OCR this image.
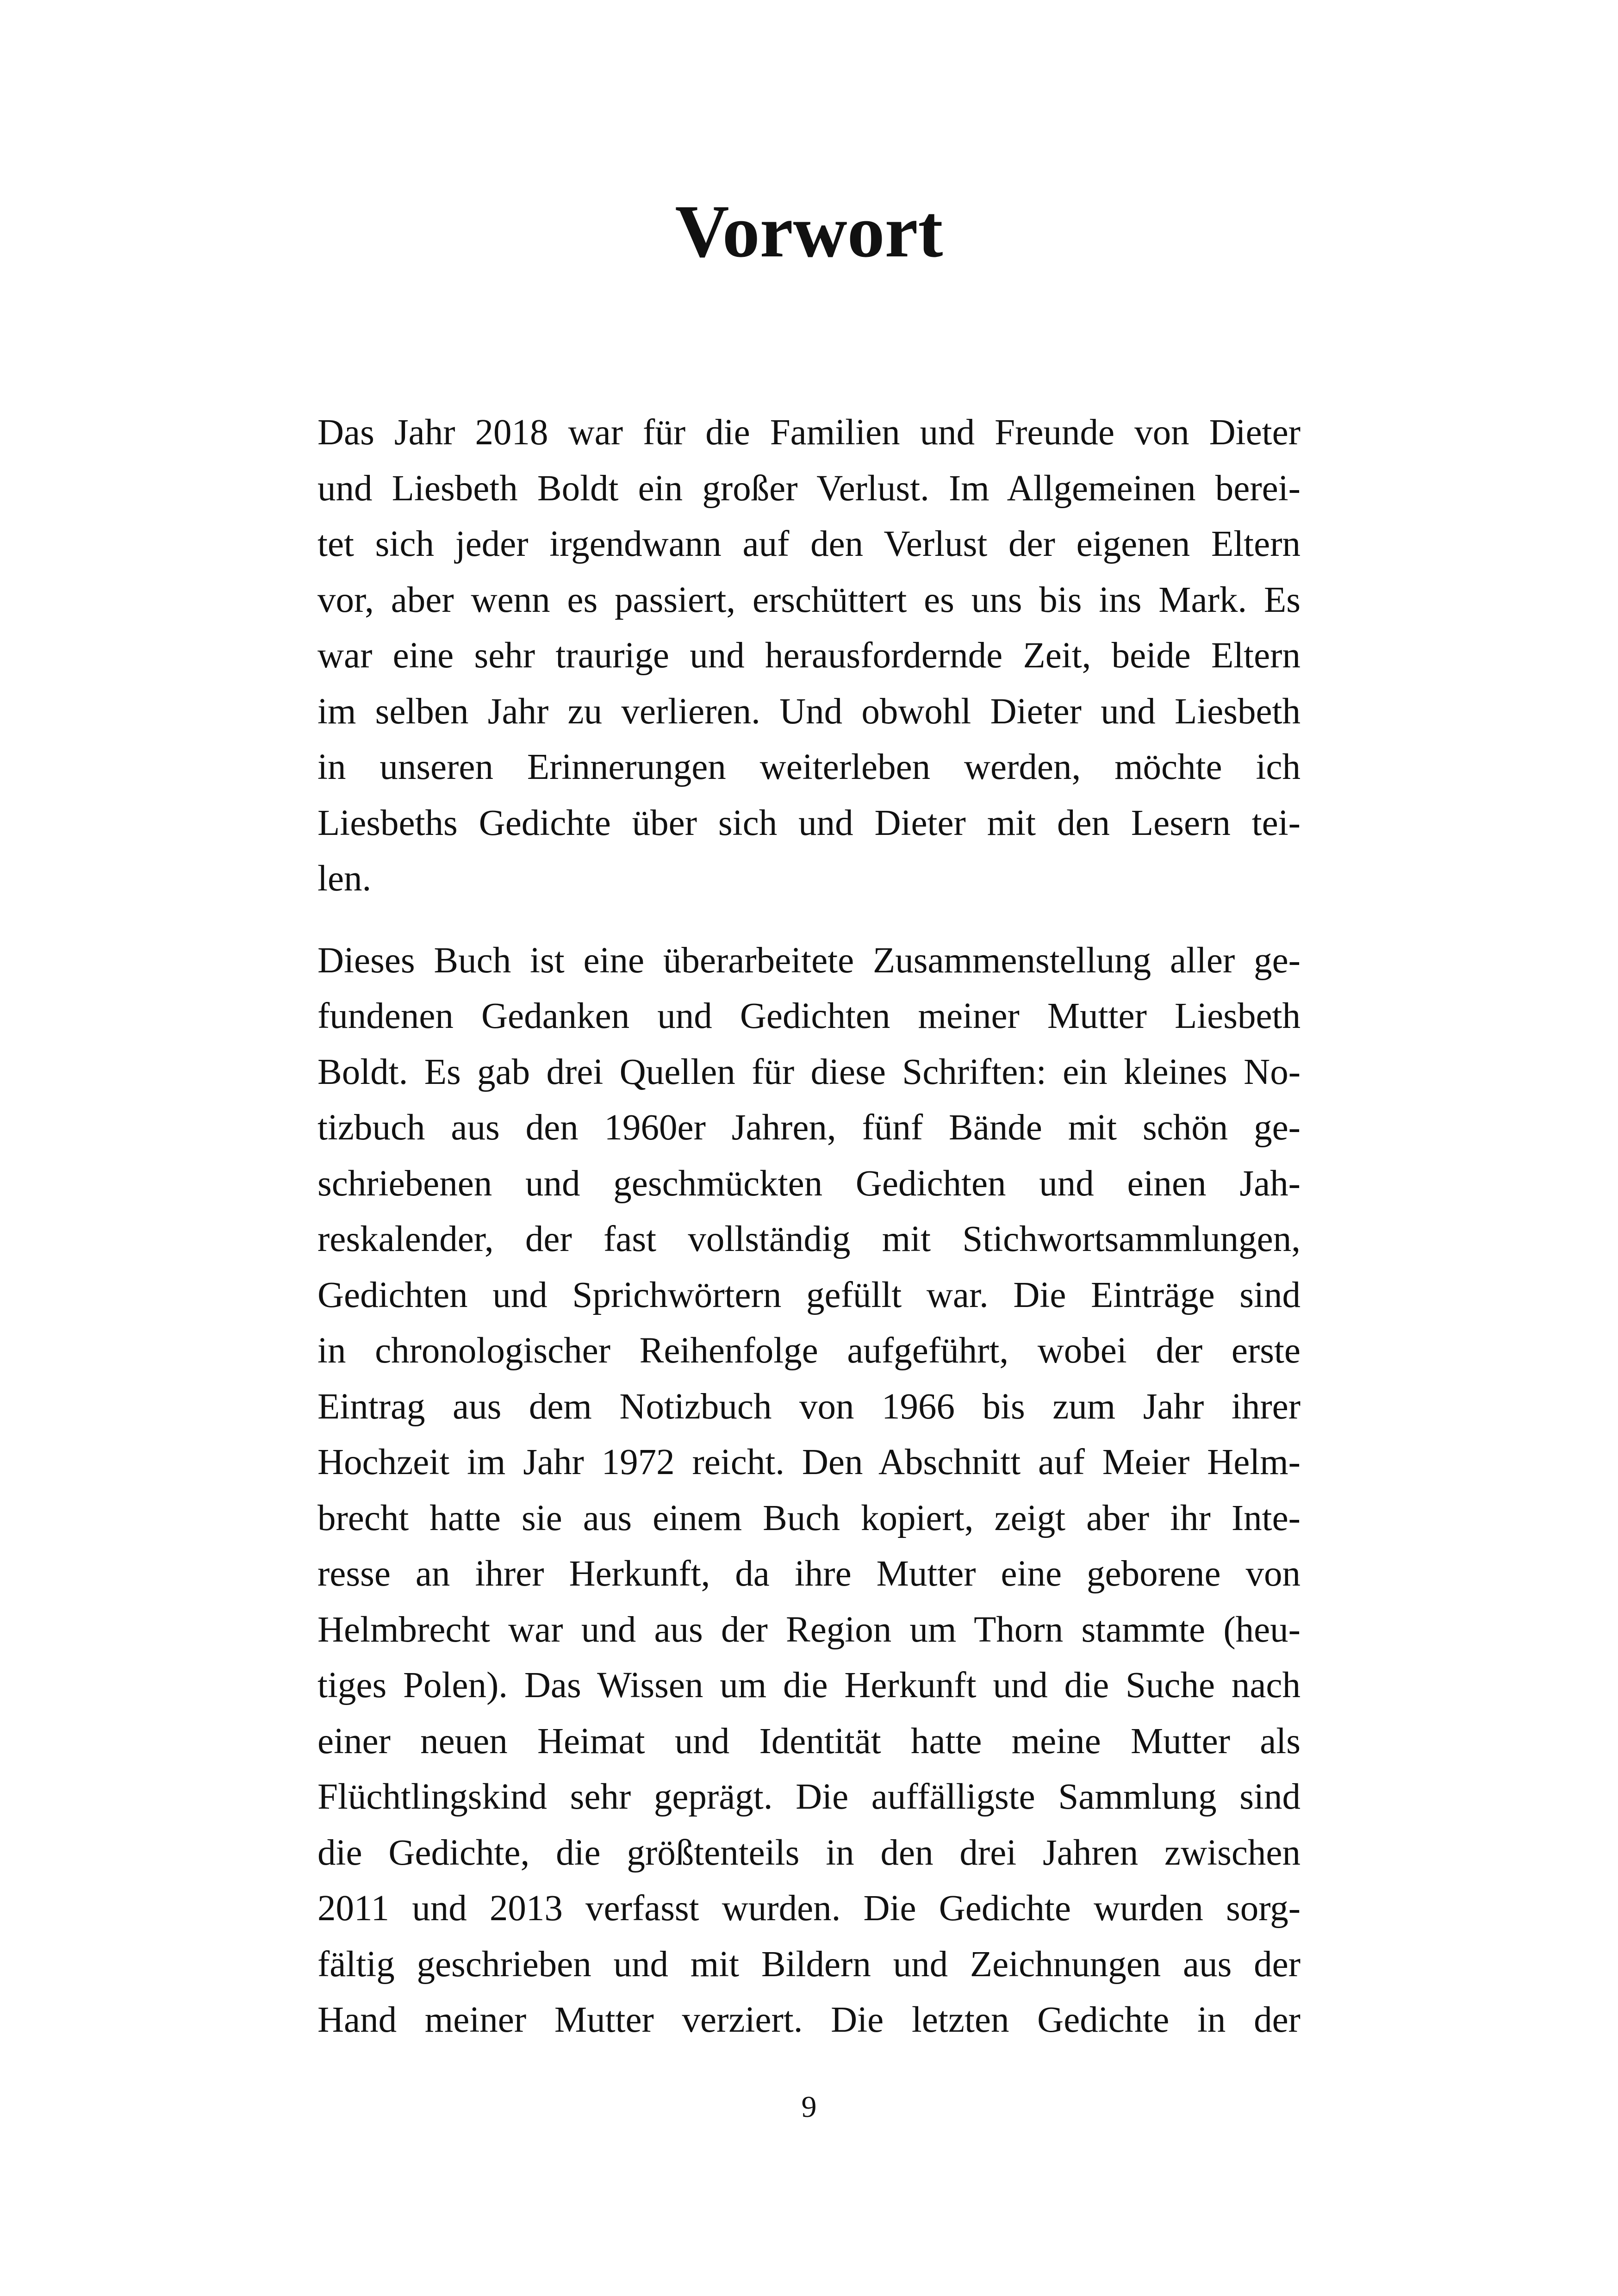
Vorwort

Das Jahr 2018 war für die Familien und Freunde von Dieter
und Liesbeth Boldt ein großer Verlust. Im Allgemeinen berei-
tet sich jeder irgendwann auf den Verlust der eigenen Eltern
vor, aber wenn es passiert, erschüttert es uns bis ins Mark. Es
war eine sehr traurige und herausfordernde Zeit, beide Eltern
im selben Jahr zu verlieren. Und obwohl Dieter und Liesbeth
in unseren Erinnerungen weiterleben werden, möchte ich
Liesbeths Gedichte über sich und Dieter mit den Lesern tei-
len.

Dieses Buch ist eine überarbeitete Zusammenstellung aller ge-
fundenen Gedanken und Gedichten meiner Mutter Liesbeth
Boldt. Es gab drei Quellen für diese Schriften: ein kleines No-
tizbuch aus den 1960er Jahren, fünf Bände mit schön ge-
schriebenen und geschmückten Gedichten und einen Jah-
reskalender, der fast vollständig mit Stichwortsammlungen,
Gedichten und Sprichwörtern gefüllt war. Die Einträge sind
in chronologischer Reihenfolge aufgeführt, wobei der erste
Eintrag aus dem Notizbuch von 1966 bis zum Jahr ihrer
Hochzeit im Jahr 1972 reicht. Den Abschnitt auf Meier Helm-
brecht hatte sie aus einem Buch kopiert, zeigt aber ihr Inte-
resse an ihrer Herkunft, da ihre Mutter eine geborene von
Helmbrecht war und aus der Region um Thorn stammte (heu-
tiges Polen). Das Wissen um die Herkunft und die Suche nach
einer neuen Heimat und Identität hatte meine Mutter als
Flüchtlingskind sehr geprägt. Die auffälligste Sammlung sind
die Gedichte, die größtenteils in den drei Jahren zwischen
2011 und 2013 verfasst wurden. Die Gedichte wurden sorg-
fältig geschrieben und mit Bildern und Zeichnungen aus der
Hand meiner Mutter verziert. Die letzten Gedichte in der

9
